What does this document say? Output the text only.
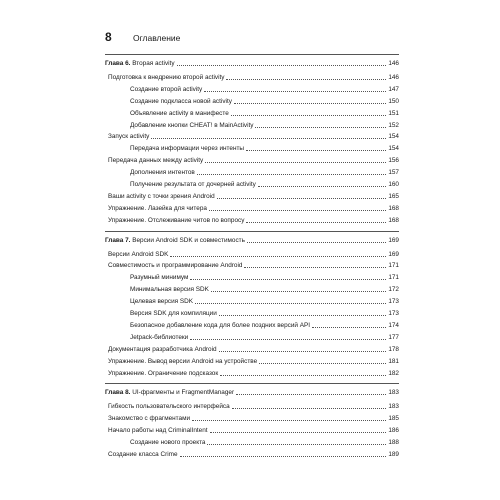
8	Оглавление
Глава 6. Вторая activity	146
Подготовка к внедрению второй activity	146
Создание второй activity	147
Создание подкласса новой activity	150
Объявление activity в манифесте	151
Добавление кнопки CHEAT! в MainActivity	152
Запуск activity	154
Передача информации через интенты	154
Передача данных между activity	156
Дополнения интентов	157
Получение результата от дочерней activity	160
Ваши activity с точки зрения Android	165
Упражнение. Лазейка для читера	168
Упражнение. Отслеживание читов по вопросу	168
Глава 7. Версии Android SDK и совместимость	169
Версии Android SDK	169
Совместимость и программирование Android	171
Разумный минимум	171
Минимальная версия SDK	172
Целевая версия SDK	173
Версия SDK для компиляции	173
Безопасное добавление кода для более поздних версий API	174
Jetpack-библиотеки	177
Документация разработчика Android	178
Упражнение. Вывод версии Android на устройстве	181
Упражнение. Ограничение подсказок	182
Глава 8. UI-фрагменты и FragmentManager	183
Гибкость пользовательского интерфейса	183
Знакомство с фрагментами	185
Начало работы над CriminalIntent	186
Создание нового проекта	188
Создание класса Crime	189
